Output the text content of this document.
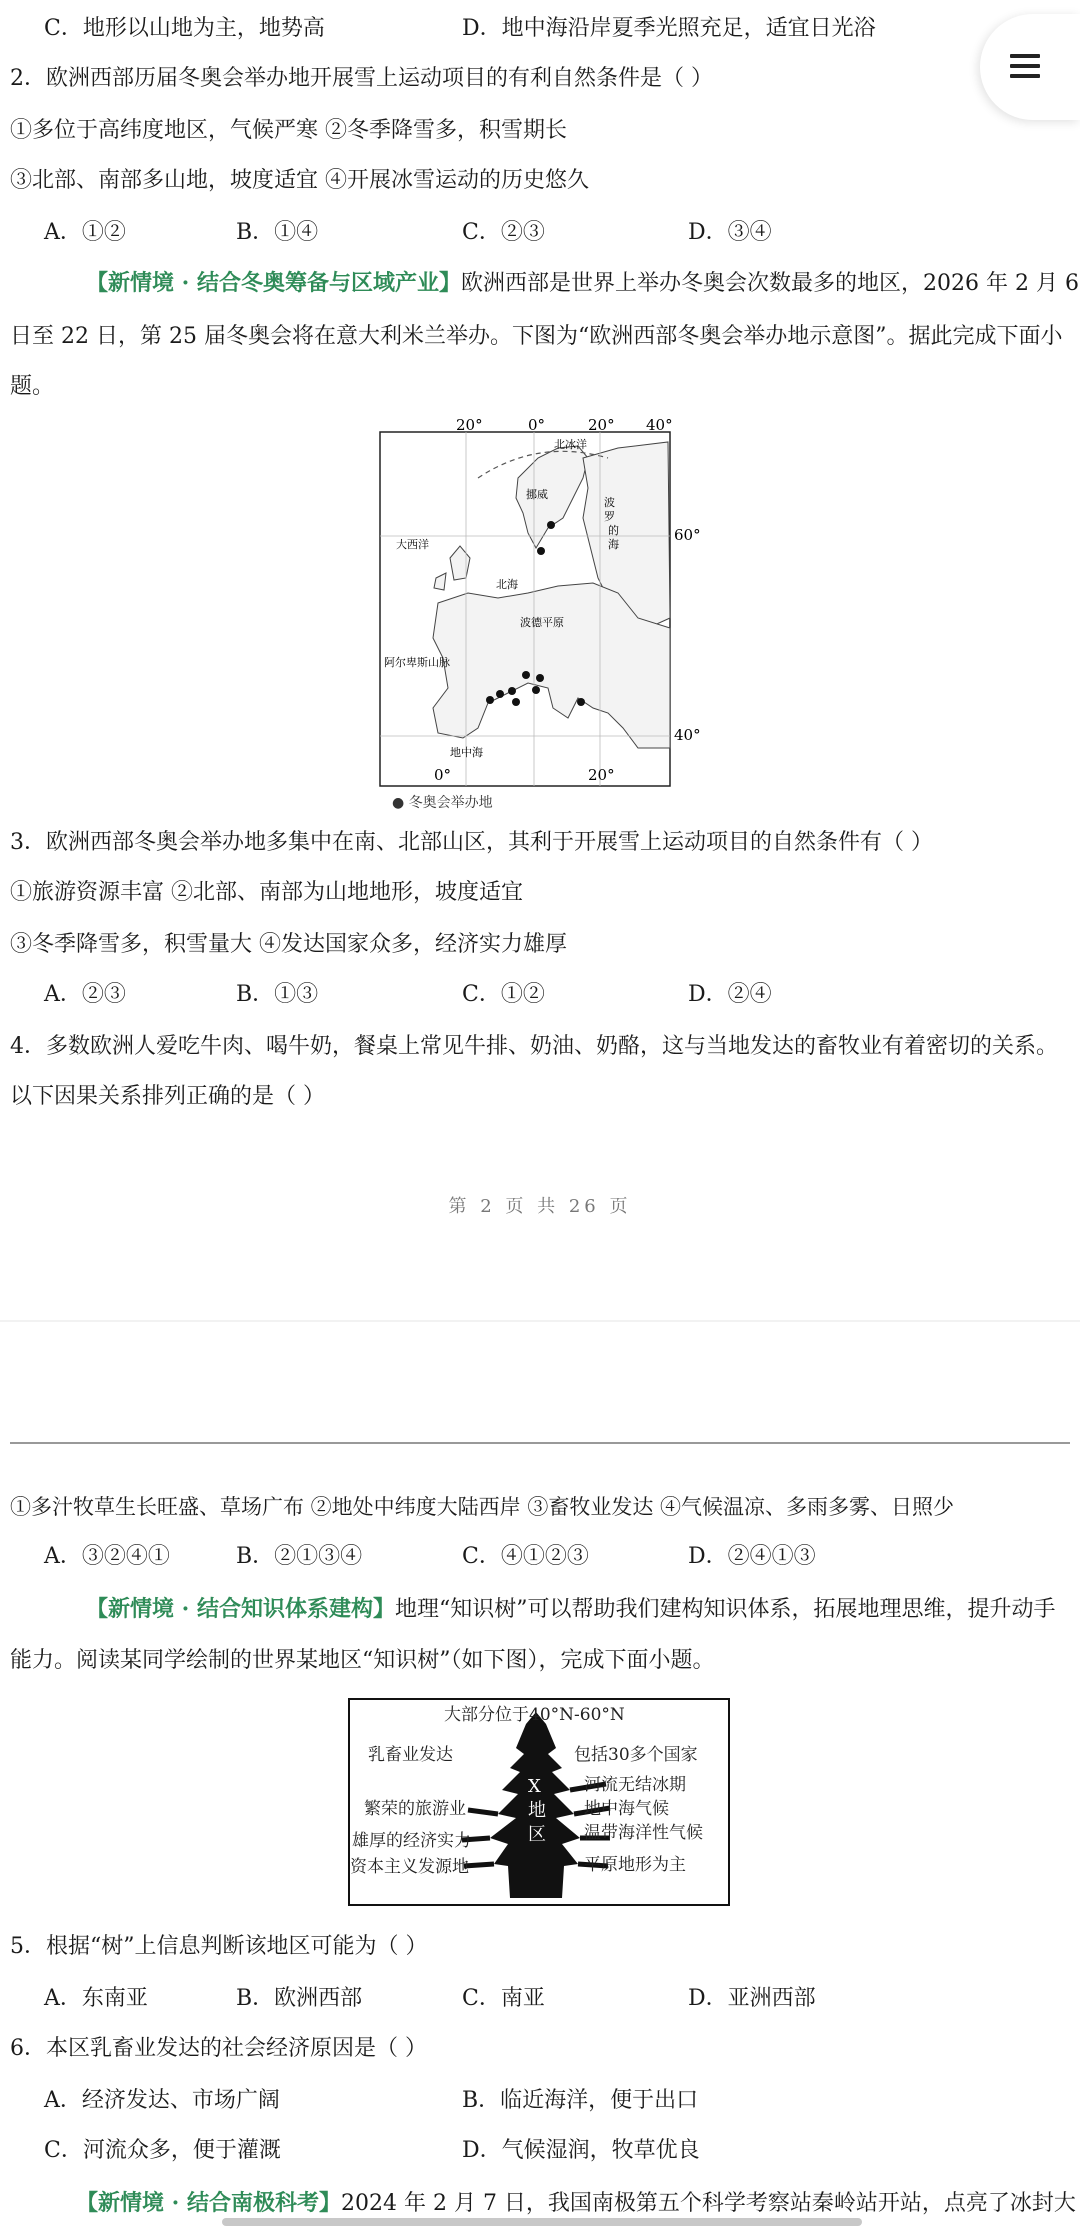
C．地形以山地为主，地势高	D．地中海沿岸夏季光照充足，适宜日光浴
2．欧洲西部历届冬奥会举办地开展雪上运动项目的有利自然条件是（ ）
①多位于高纬度地区，气候严寒 ②冬季降雪多，积雪期长
③北部、南部多山地，坡度适宜 ④开展冰雪运动的历史悠久
A．①②	B．①④	C．②③	D．③④
【新情境 · 结合冬奥筹备与区域产业】欧洲西部是世界上举办冬奥会次数最多的地区，2026 年 2 月 6
日至 22 日，第 25 届冬奥会将在意大利米兰举办。下图为“欧洲西部冬奥会举办地示意图”。据此完成下面小
题。
20°	0°	20° 40°
0°	20°
60°
40°
北冰洋
挪威
大西洋
北海
波
罗
的
海
波德平原
阿尔卑斯山脉
地中海
● 冬奥会举办地
3．欧洲西部冬奥会举办地多集中在南、北部山区，其利于开展雪上运动项目的自然条件有（ ）
①旅游资源丰富 ②北部、南部为山地地形，坡度适宜
③冬季降雪多，积雪量大 ④发达国家众多，经济实力雄厚
A．②③	B．①③	C．①②	D．②④
4．多数欧洲人爱吃牛肉、喝牛奶，餐桌上常见牛排、奶油、奶酪，这与当地发达的畜牧业有着密切的关系。
以下因果关系排列正确的是（ ）
第 2 页 共 26 页
①多汁牧草生长旺盛、草场广布 ②地处中纬度大陆西岸 ③畜牧业发达 ④气候温凉、多雨多雾、日照少
A．③②④①	B．②①③④	C．④①②③	D．②④①③
【新情境 · 结合知识体系建构】地理“知识树”可以帮助我们建构知识体系，拓展地理思维，提升动手
能力。阅读某同学绘制的世界某地区“知识树”（如下图），完成下面小题。
大部分位于40°N-60°N
乳畜业发达
繁荣的旅游业
雄厚的经济实力
资本主义发源地
包括30多个国家
河流无结冰期
地中海气候
温带海洋性气候
平原地形为主
X
地
区
5．根据“树”上信息判断该地区可能为（ ）
A．东南亚	B．欧洲西部	C．南亚	D．亚洲西部
6．本区乳畜业发达的社会经济原因是（ ）
A．经济发达、市场广阔	B．临近海洋，便于出口
C．河流众多，便于灌溉	D．气候湿润，牧草优良
【新情境 · 结合南极科考】2024 年 2 月 7 日，我国南极第五个科学考察站秦岭站开站，点亮了冰封大
